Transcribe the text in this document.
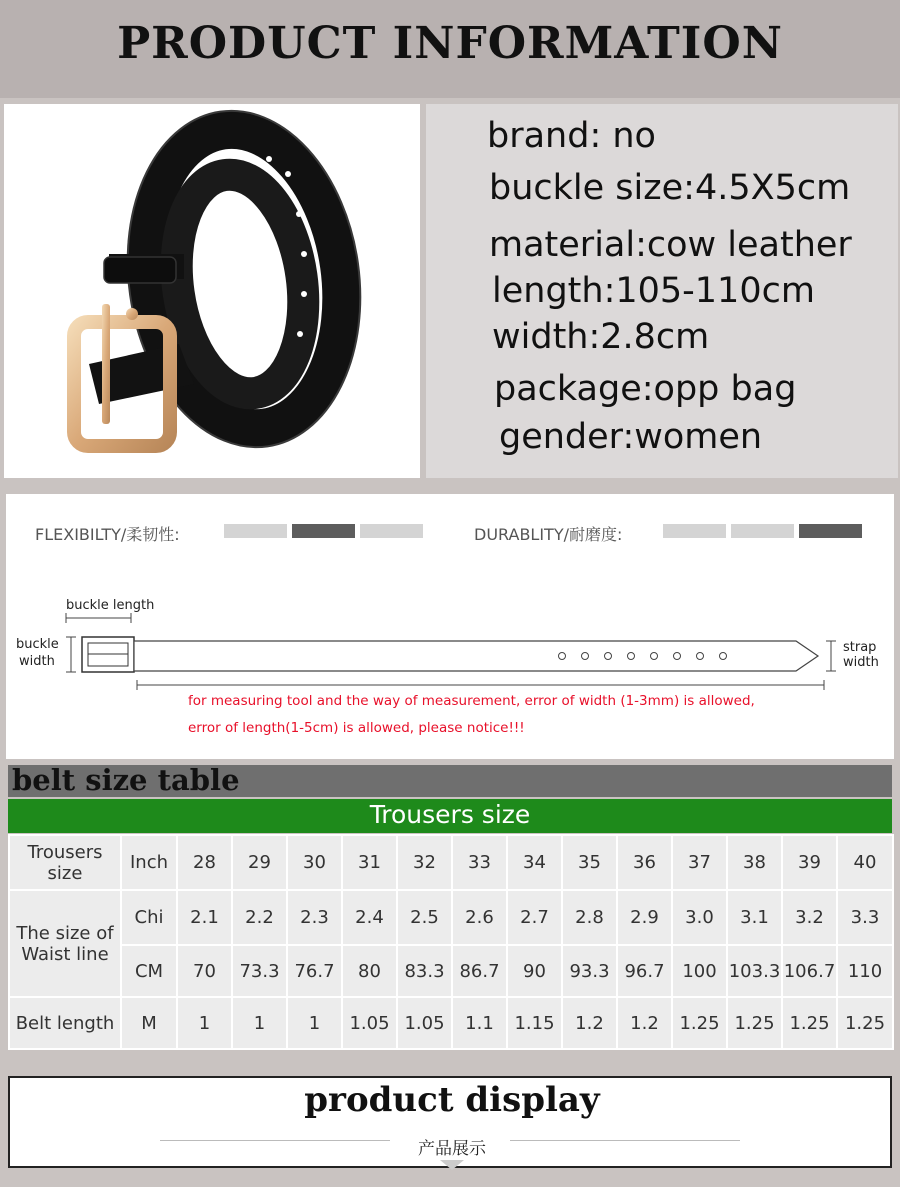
PRODUCT INFORMATION
brand: no
buckle size:4.5X5cm
material:cow leather
length:105-110cm
width:2.8cm
package:opp bag
gender:women
FLEXIBILTY/柔韧性:	DURABLITY/耐磨度:
buckle length
buckle
width
strap
width
for measuring tool and the way of measurement, error of width (1-3mm) is allowed,
error of length(1-5cm) is allowed, please notice!!!
belt size table
Trousers size
Trousers size	Inch	28	29	30	31	32	33	34	35	36	37	38	39	40
The size of
Waist line	Chi	2.1	2.2	2.3	2.4	2.5	2.6	2.7	2.8	2.9	3.0	3.1	3.2	3.3
	CM	70	73.3	76.7	80	83.3	86.7	90	93.3	96.7	100	103.3	106.7	110
Belt length	M	1	1	1	1.05	1.05	1.1	1.15	1.2	1.2	1.25	1.25	1.25	1.25
product display
产品展示
